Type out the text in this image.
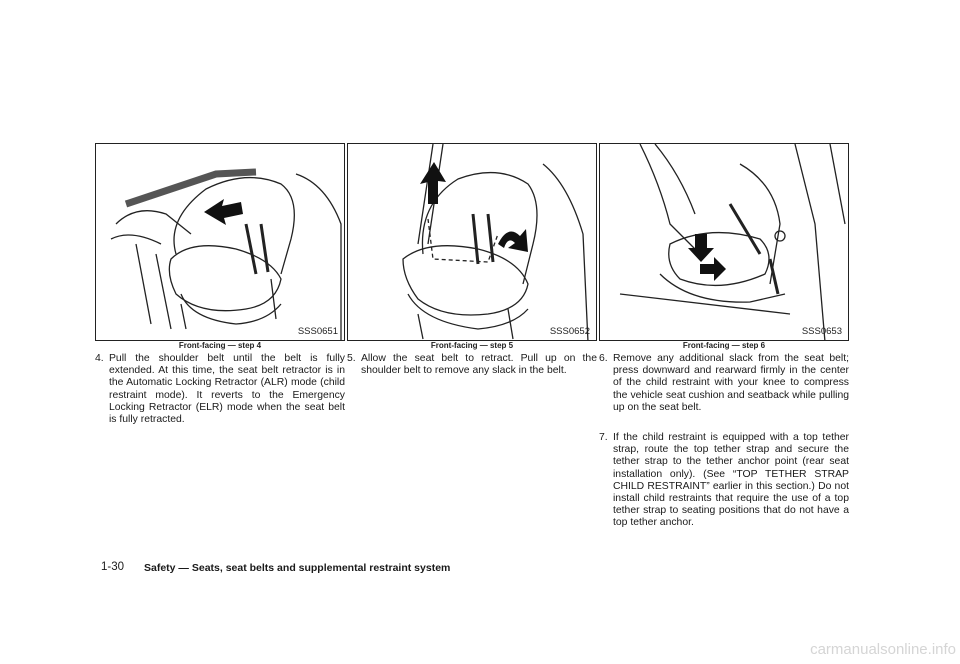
SSS0651
Front-facing — step 4
SSS0652
Front-facing — step 5
SSS0653
Front-facing — step 6
4. Pull the shoulder belt until the belt is fully extended. At this time, the seat belt retractor is in the Automatic Locking Retractor (ALR) mode (child restraint mode). It reverts to the Emergency Locking Retractor (ELR) mode when the seat belt is fully retracted.
5. Allow the seat belt to retract. Pull up on the shoulder belt to remove any slack in the belt.
6. Remove any additional slack from the seat belt; press downward and rearward firmly in the center of the child restraint with your knee to compress the vehicle seat cushion and seatback while pulling up on the seat belt.
7. If the child restraint is equipped with a top tether strap, route the top tether strap and secure the tether strap to the tether anchor point (rear seat installation only). (See “TOP TETHER STRAP CHILD RESTRAINT” earlier in this section.) Do not install child restraints that require the use of a top tether strap to seating positions that do not have a top tether anchor.
1-30 Safety — Seats, seat belts and supplemental restraint system
carmanualsonline.info
